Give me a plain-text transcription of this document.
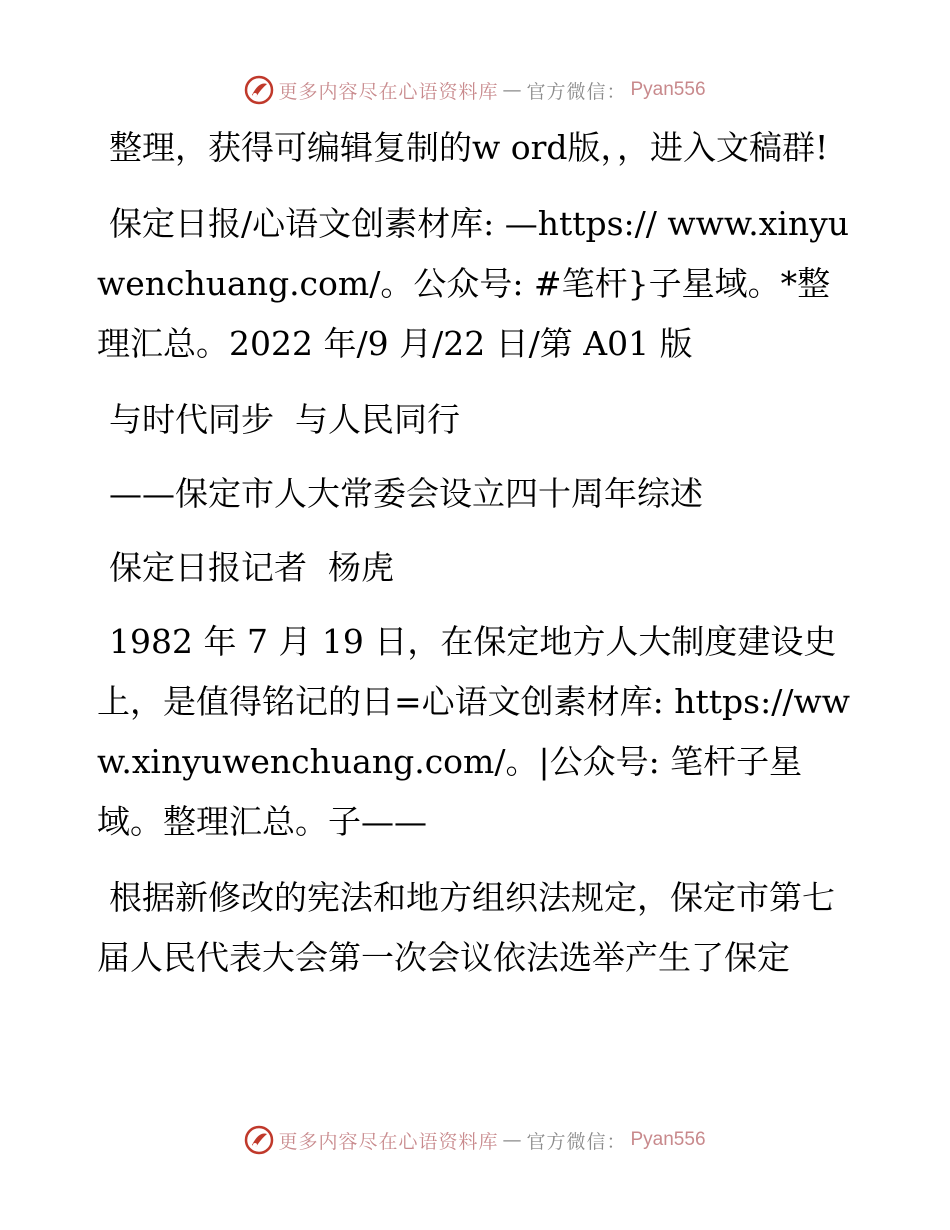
更多内容尽在心语资料库 — 官方微信： Pyan556

整理，获得可编辑复制的w ord版，，进入文稿群!

保定日报/心语文创素材库: —https:// www.xinyuwenchuang.com/。公众号: #笔杆}子星域。*整理汇总。2022 年/9 月/22 日/第 A01 版

与时代同步  与人民同行

——保定市人大常委会设立四十周年综述

保定日报记者  杨虎

1982 年 7 月 19 日，在保定地方人大制度建设史上，是值得铭记的日=心语文创素材库: https://www.xinyuwenchuang.com/。|公众号: 笔杆子星域。整理汇总。子——

根据新修改的宪法和地方组织法规定，保定市第七届人民代表大会第一次会议依法选举产生了保定

更多内容尽在心语资料库 — 官方微信： Pyan556
